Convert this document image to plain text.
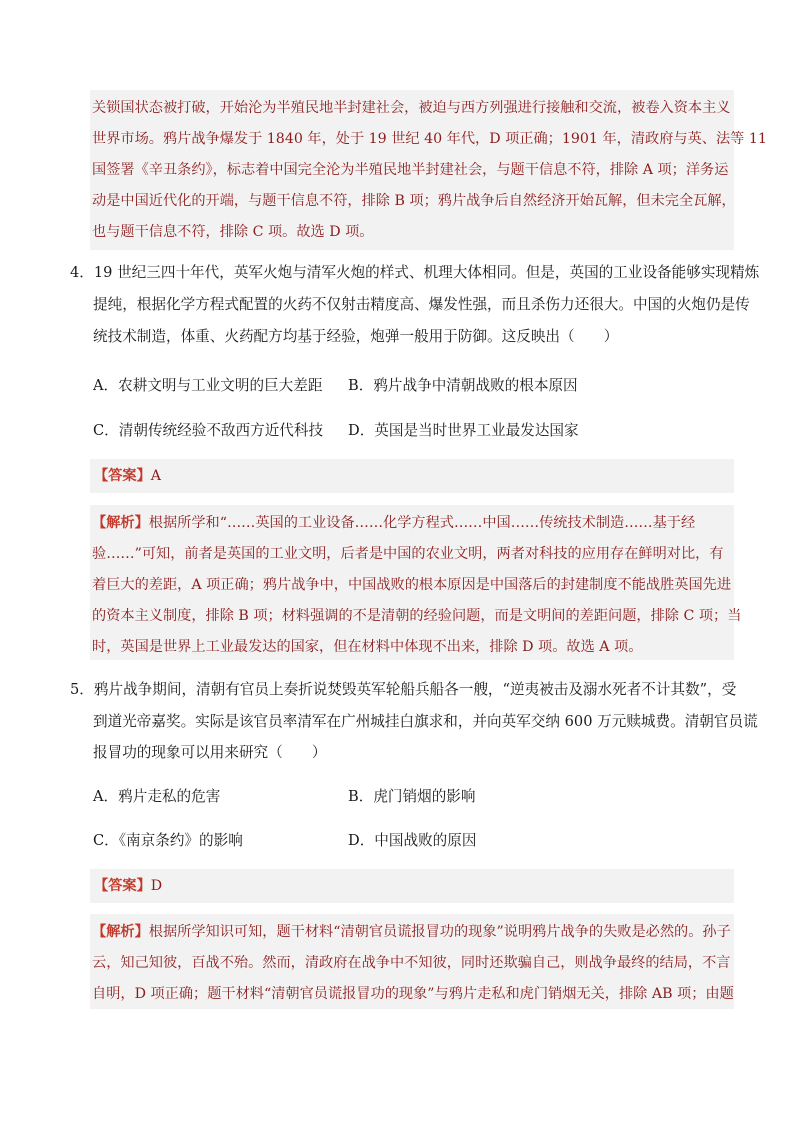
关锁国状态被打破，开始沦为半殖民地半封建社会，被迫与西方列强进行接触和交流，被卷入资本主义
世界市场。鸦片战争爆发于 1840 年，处于 19 世纪 40 年代，D 项正确；1901 年，清政府与英、法等 11
国签署《辛丑条约》，标志着中国完全沦为半殖民地半封建社会，与题干信息不符，排除 A 项；洋务运
动是中国近代化的开端，与题干信息不符，排除 B 项；鸦片战争后自然经济开始瓦解，但未完全瓦解，
也与题干信息不符，排除 C 项。故选 D 项。
4．19 世纪三四十年代，英军火炮与清军火炮的样式、机理大体相同。但是，英国的工业设备能够实现精炼
提纯，根据化学方程式配置的火药不仅射击精度高、爆发性强，而且杀伤力还很大。中国的火炮仍是传
统技术制造，体重、火药配方均基于经验，炮弹一般用于防御。这反映出（　　）
A．农耕文明与工业文明的巨大差距 B．鸦片战争中清朝战败的根本原因
C．清朝传统经验不敌西方近代科技 D．英国是当时世界工业最发达国家
【答案】A
【解析】根据所学和“……英国的工业设备……化学方程式……中国……传统技术制造……基于经
验……”可知，前者是英国的工业文明，后者是中国的农业文明，两者对科技的应用存在鲜明对比，有
着巨大的差距，A 项正确；鸦片战争中，中国战败的根本原因是中国落后的封建制度不能战胜英国先进
的资本主义制度，排除 B 项；材料强调的不是清朝的经验问题，而是文明间的差距问题，排除 C 项；当
时，英国是世界上工业最发达的国家，但在材料中体现不出来，排除 D 项。故选 A 项。
5．鸦片战争期间，清朝有官员上奏折说焚毁英军轮船兵船各一艘，“逆夷被击及溺水死者不计其数”，受
到道光帝嘉奖。实际是该官员率清军在广州城挂白旗求和，并向英军交纳 600 万元赎城费。清朝官员谎
报冒功的现象可以用来研究（　　）
A．鸦片走私的危害	B．虎门销烟的影响
C．《南京条约》的影响	D．中国战败的原因
【答案】D
【解析】根据所学知识可知，题干材料“清朝官员谎报冒功的现象”说明鸦片战争的失败是必然的。孙子
云，知己知彼，百战不殆。然而，清政府在战争中不知彼，同时还欺骗自己，则战争最终的结局，不言
自明，D 项正确；题干材料“清朝官员谎报冒功的现象”与鸦片走私和虎门销烟无关，排除 AB 项；由题
